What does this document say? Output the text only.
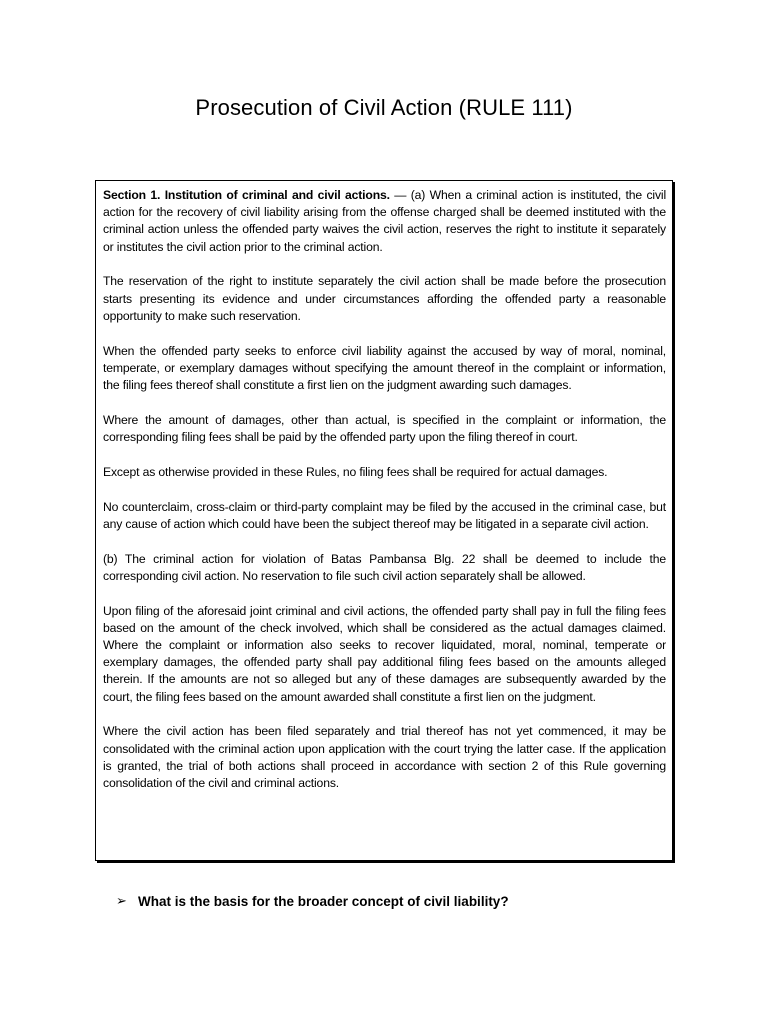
Prosecution of Civil Action (RULE 111)

Section 1. Institution of criminal and civil actions. — (a) When a criminal action is instituted, the civil action for the recovery of civil liability arising from the offense charged shall be deemed instituted with the criminal action unless the offended party waives the civil action, reserves the right to institute it separately or institutes the civil action prior to the criminal action.

The reservation of the right to institute separately the civil action shall be made before the prosecution starts presenting its evidence and under circumstances affording the offended party a reasonable opportunity to make such reservation.

When the offended party seeks to enforce civil liability against the accused by way of moral, nominal, temperate, or exemplary damages without specifying the amount thereof in the complaint or information, the filing fees thereof shall constitute a first lien on the judgment awarding such damages.

Where the amount of damages, other than actual, is specified in the complaint or information, the corresponding filing fees shall be paid by the offended party upon the filing thereof in court.

Except as otherwise provided in these Rules, no filing fees shall be required for actual damages.

No counterclaim, cross-claim or third-party complaint may be filed by the accused in the criminal case, but any cause of action which could have been the subject thereof may be litigated in a separate civil action.

(b) The criminal action for violation of Batas Pambansa Blg. 22 shall be deemed to include the corresponding civil action. No reservation to file such civil action separately shall be allowed.

Upon filing of the aforesaid joint criminal and civil actions, the offended party shall pay in full the filing fees based on the amount of the check involved, which shall be considered as the actual damages claimed. Where the complaint or information also seeks to recover liquidated, moral, nominal, temperate or exemplary damages, the offended party shall pay additional filing fees based on the amounts alleged therein. If the amounts are not so alleged but any of these damages are subsequently awarded by the court, the filing fees based on the amount awarded shall constitute a first lien on the judgment.

Where the civil action has been filed separately and trial thereof has not yet commenced, it may be consolidated with the criminal action upon application with the court trying the latter case. If the application is granted, the trial of both actions shall proceed in accordance with section 2 of this Rule governing consolidation of the civil and criminal actions.

➢ What is the basis for the broader concept of civil liability?
